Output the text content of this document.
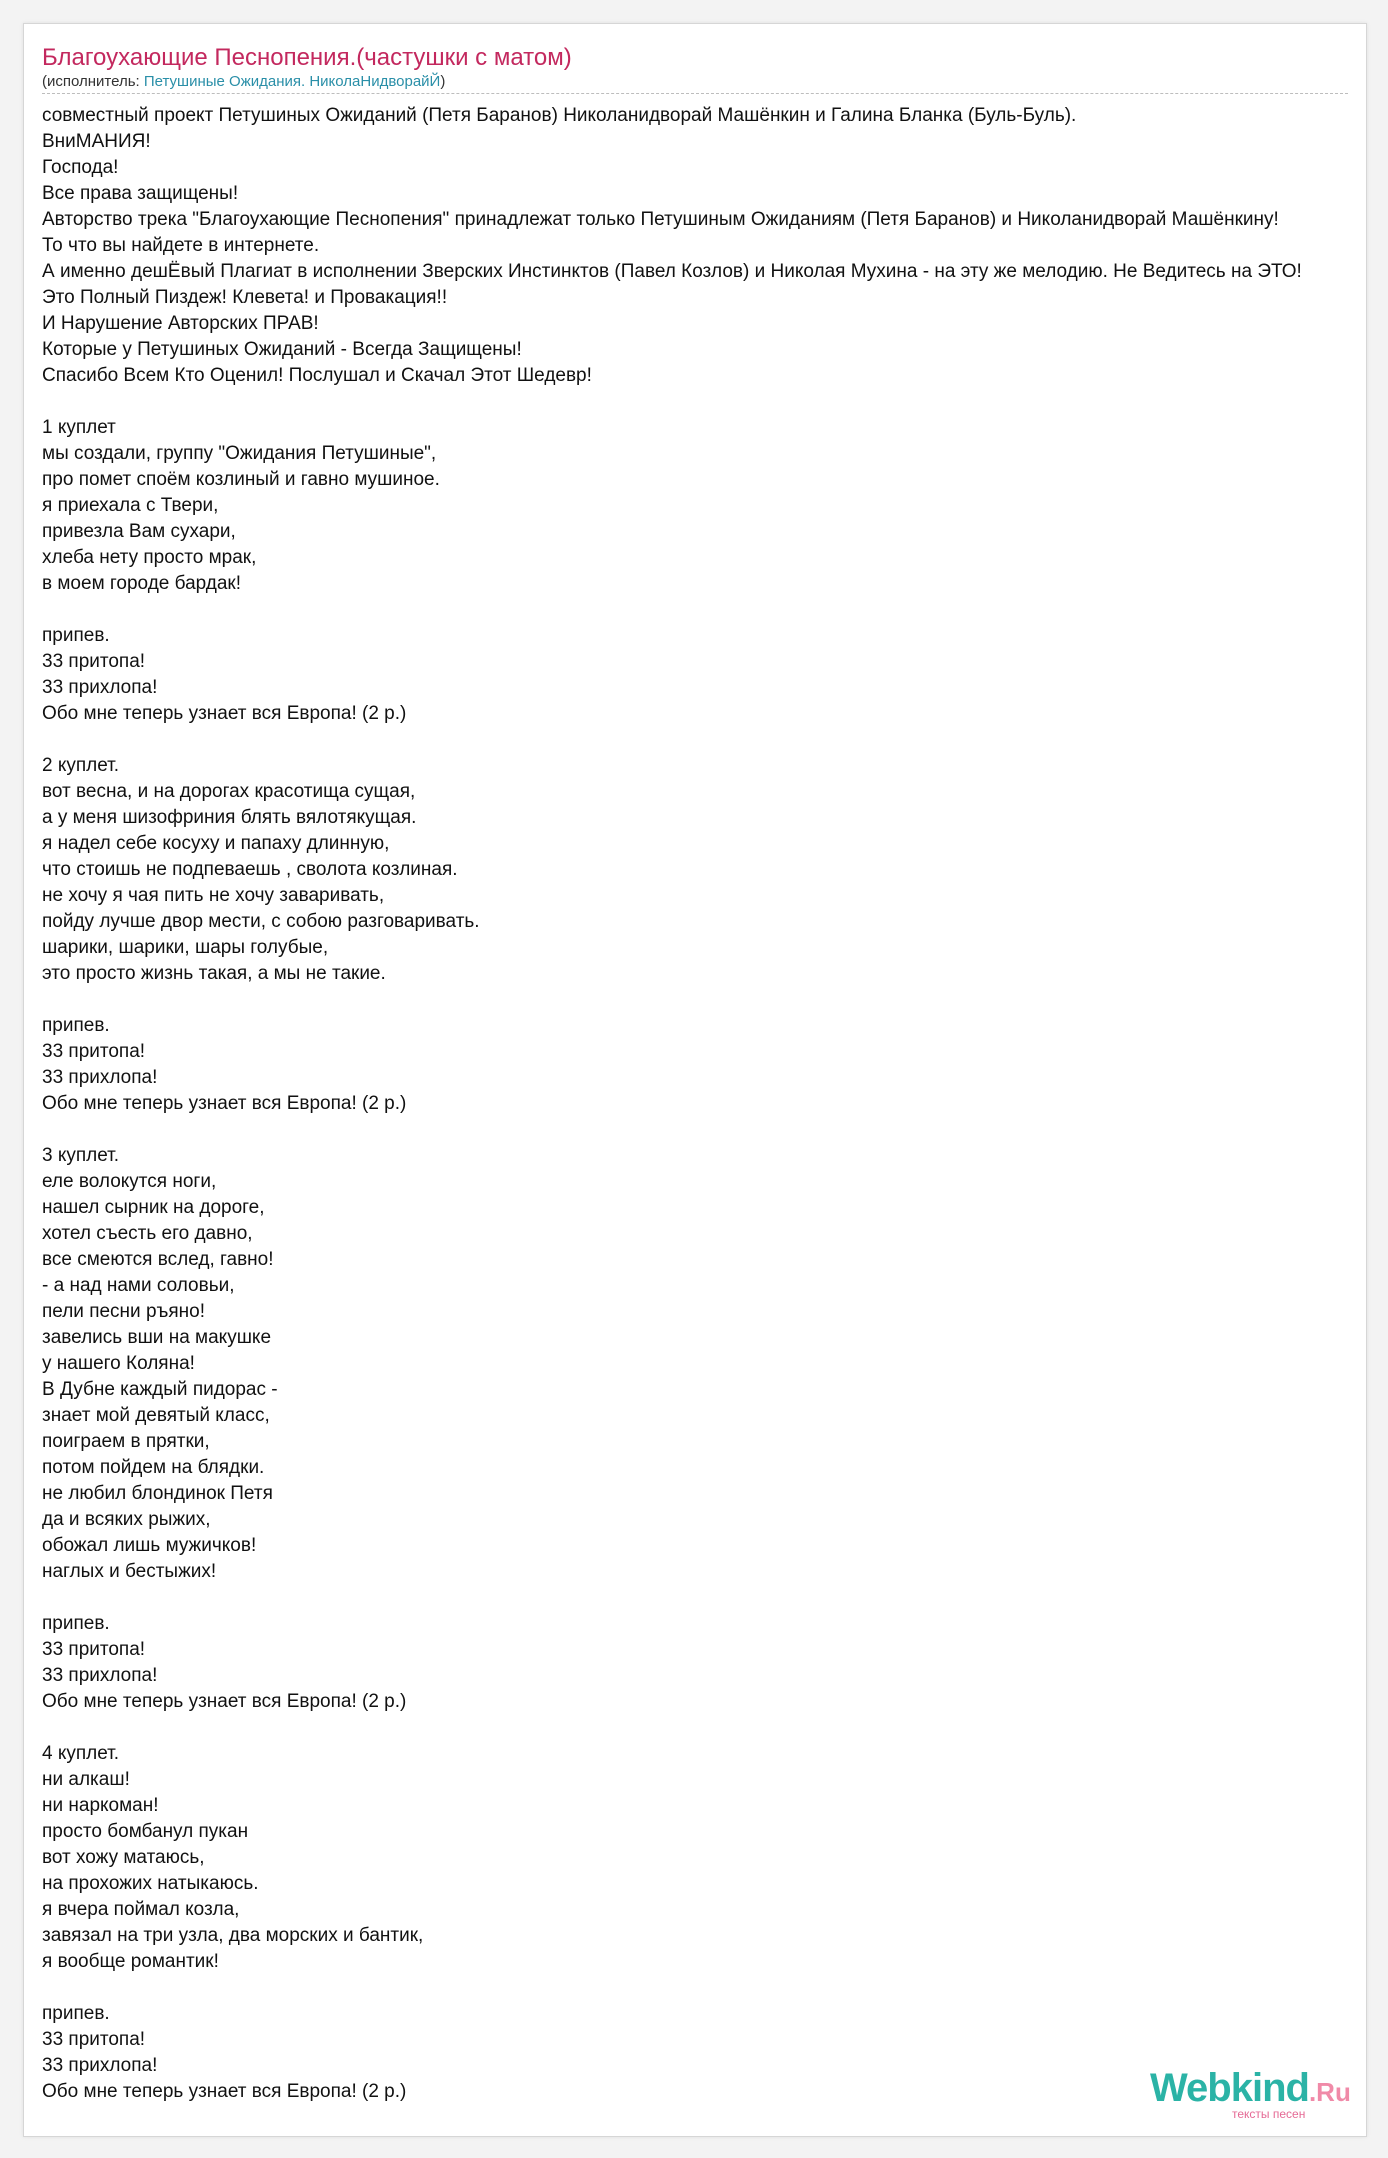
Благоухающие Песнопения.(частушки с матом)
(исполнитель: Петушиные Ожидания. НиколаНидворайЙ)
совместный проект Петушиных Ожиданий (Петя Баранов) Николанидворай Машёнкин и Галина Бланка (Буль-Буль).
ВниМАНИЯ!
Господа!
Все права защищены!
Авторство трека "Благоухающие Песнопения" принадлежат только Петушиным Ожиданиям (Петя Баранов) и Николанидворай Машёнкину!
То что вы найдете в интернете.
А именно дешЁвый Плагиат в исполнении Зверских Инстинктов (Павел Козлов) и Николая Мухина - на эту же мелодию. Не Ведитесь на ЭТО!
Это Полный Пиздеж! Клевета! и Провакация!!
И Нарушение Авторских ПРАВ!
Которые у Петушиных Ожиданий - Всегда Защищены!
Спасибо Всем Кто Оценил! Послушал и Скачал Этот Шедевр!

1 куплет
мы создали, группу "Ожидания Петушиные",
про помет споём козлиный и гавно мушиное.
я приехала с Твери,
привезла Вам сухари,
хлеба нету просто мрак,
в моем городе бардак!

припев.
33 притопа!
33 прихлопа!
Обо мне теперь узнает вся Европа! (2 р.)

2 куплет.
вот весна, и на дорогах красотища сущая,
а у меня шизофриния блять вялотякущая.
я надел себе косуху и папаху длинную,
что стоишь не подпеваешь , сволота козлиная.
не хочу я чая пить не хочу заваривать,
пойду лучше двор мести, с собою разговаривать.
шарики, шарики, шары голубые,
это просто жизнь такая, а мы не такие.

припев.
33 притопа!
33 прихлопа!
Обо мне теперь узнает вся Европа! (2 р.)

3 куплет.
еле волокутся ноги,
нашел сырник на дороге,
хотел съесть его давно,
все смеются вслед, гавно!
- а над нами соловьи,
пели песни ръяно!
завелись вши на макушке
у нашего Коляна!
В Дубне каждый пидорас -
знает мой девятый класс,
поиграем в прятки,
потом пойдем на блядки.
не любил блондинок Петя
да и всяких рыжих,
обожал лишь мужичков!
наглых и бестыжих!

припев.
33 притопа!
33 прихлопа!
Обо мне теперь узнает вся Европа! (2 р.)

4 куплет.
ни алкаш!
ни наркоман!
просто бомбанул пукан
вот хожу матаюсь,
на прохожих натыкаюсь.
я вчера поймал козла,
завязал на три узла, два морских и бантик,
я вообще романтик!

припев.
33 притопа!
33 прихлопа!
Обо мне теперь узнает вся Европа! (2 р.)	Webkind.Ru
тексты песен
